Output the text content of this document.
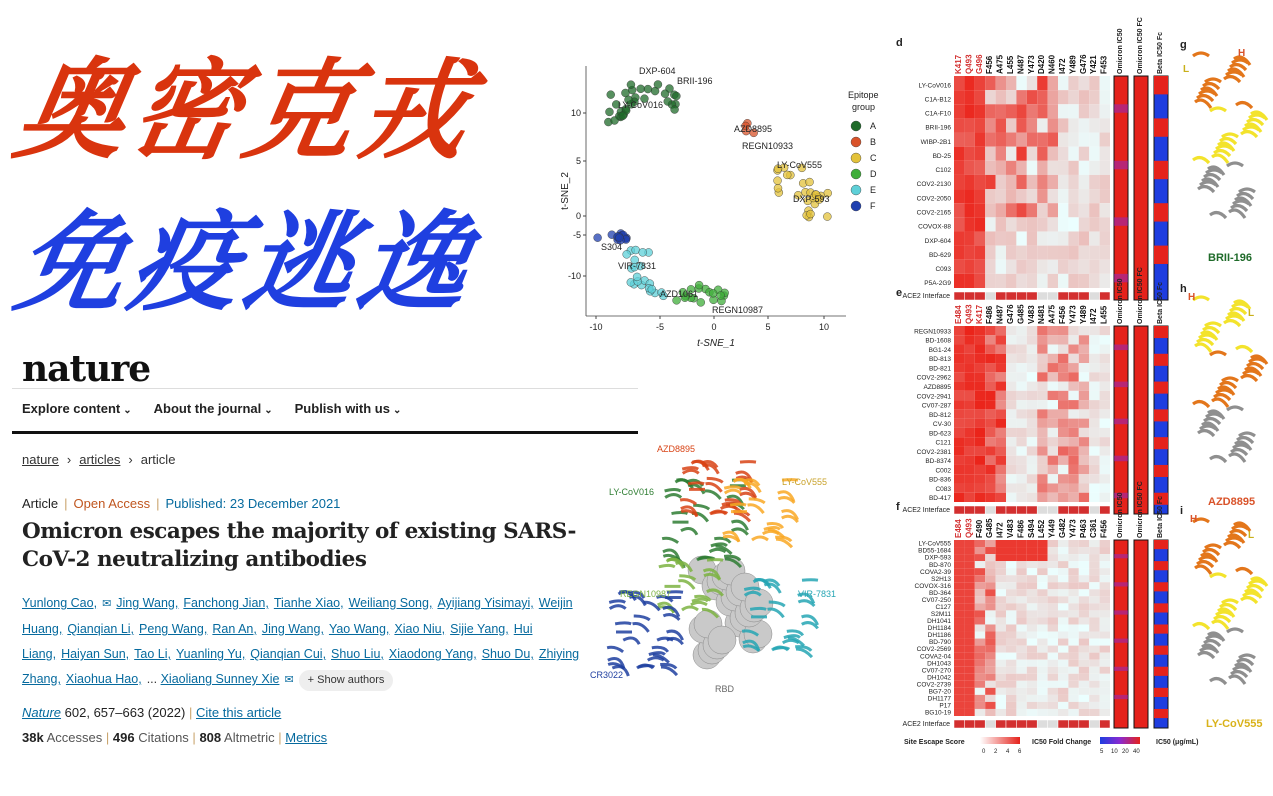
奥密克戎
免疫逃逸
nature
Explore content ⌄ About the journal ⌄ Publish with us ⌄
nature › articles › article
Article | Open Access | Published: 23 December 2021
Omicron escapes the majority of existing SARS-CoV-2 neutralizing antibodies
Yunlong Cao, ✉ Jing Wang, Fanchong Jian, Tianhe Xiao, Weiliang Song, Ayijiang Yisimayi, Weijin Huang, Qianqian Li, Peng Wang, Ran An, Jing Wang, Yao Wang, Xiao Niu, Sijie Yang, Hui Liang, Haiyan Sun, Tao Li, Yuanling Yu, Qianqian Cui, Shuo Liu, Xiaodong Yang, Shuo Du, Zhiying Zhang, Xiaohua Hao, ... Xiaoliang Sunney Xie ✉ + Show authors
Nature 602, 657–663 (2022) | Cite this article
38k Accesses | 496 Citations | 808 Altmetric | Metrics
-10	-5	0	5	10
10
5
0
-5
-10
t-SNE_1
t-SNE_2
DXP-604
BRII-196
LY-CoV016
AZD8895
REGN10933
LY-CoV555
DXP-593
S304
VIR-7831
AZD1061
REGN10987
Epitope
group
A
B
C
D
E
F
AZD8895
LY-CoV016
LY-CoV555
REGN10987	VIR-7831
CR3022
RBD
d
K417 Q493 G496 F456 A475 L455 N487 Y473 D420 N460 I472 Y489 G476 Y421 F453
LY-CoV016
C1A-B12
C1A-F10
BRII-196
WIBP-2B1
BD-25
C102
COV2-2130
COV2-2050
COV2-2165
COVOX-88
DXP-604
BD-629
C093
P5A-2G9
ACE2 Interface
Omicron IC50 Omicron IC50 FC Beta IC50 Fc
e
E484 Q493 K417 F486 N487 G476 G485 V483 N481 A475 F456 Y473 Y489 I472 L455
REGN10933
BD-1608
BG1-24
BD-813
BD-821
COV2-2962
AZD8895
COV2-2941
CV07-287
BD-812
CV-30
BD-623
C121
COV2-2381
BD-8374
C002
BD-836
C083
BD-417
ACE2 Interface
Omicron IC50 Omicron IC50 FC Beta IC50 Fc
f
E484 Q493 F490 G485 I472 V483 F486 S494 L452 Y449 G482 Y473 P463 C361 F456
LY-CoV555
BD55-1684
DXP-593
BD-870
COVA2-39
S2H13
COVOX-316
BD-364
CV07-250
C127
S2M11
DH1041
DH1184
DH1186
BD-790
COV2-2569
COVA2-04
DH1043
CV07-270
DH1042
COV2-2739
BG7-20
DH1177
P17
BG10-19
ACE2 Interface
Omicron IC50 Omicron IC50 FC Beta IC50 Fc
Site Escape Score
0 2 4 6
IC50 Fold Change
5 10 20 40
IC50 (μg/mL)
g
H
L
BRII-196
h
H
L
AZD8895
i
H
L
LY-CoV555
